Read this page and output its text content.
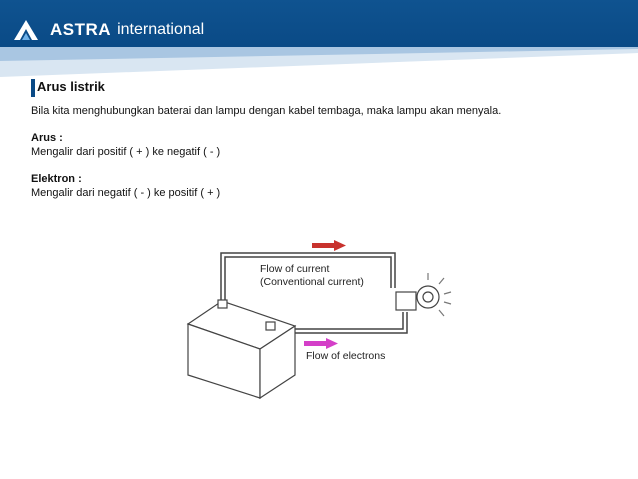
ASTRA international
Arus listrik

Bila kita menghubungkan baterai dan lampu dengan kabel tembaga, maka lampu akan menyala.

Arus :

Mengalir dari positif ( + ) ke negatif ( - )

Elektron :

Mengalir dari negatif ( - ) ke positif ( + )

Flow of current
(Conventional current)
Flow of electrons
